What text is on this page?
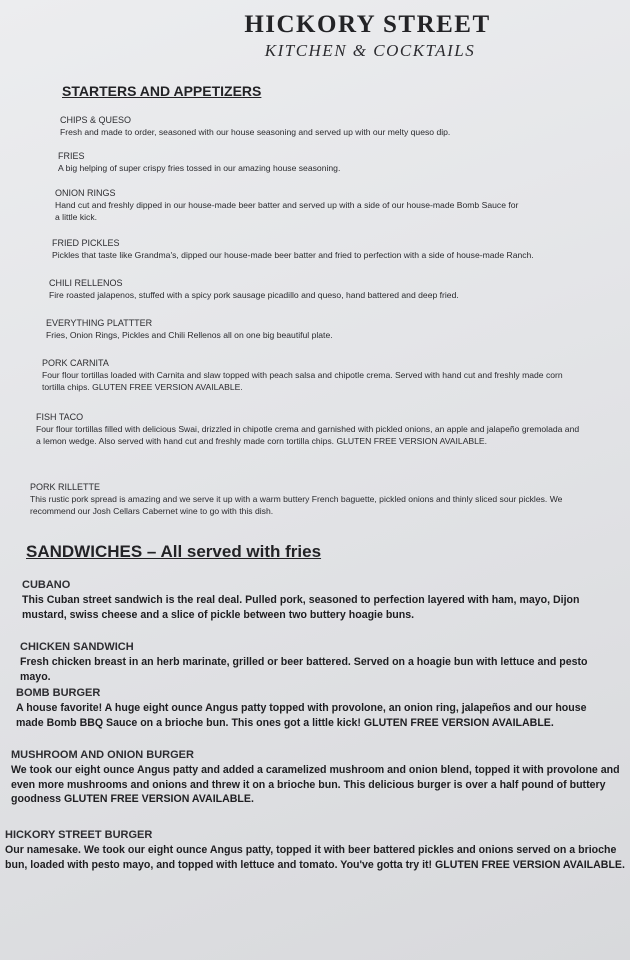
HICKORY STREET
KITCHEN & COCKTAILS
STARTERS AND APPETIZERS
CHIPS & QUESO
Fresh and made to order, seasoned with our house seasoning and served up with our melty queso dip.
FRIES
A big helping of super crispy fries tossed in our amazing house seasoning.
ONION RINGS
Hand cut and freshly dipped in our house-made beer batter and served up with a side of our house-made Bomb Sauce for a little kick.
FRIED PICKLES
Pickles that taste like Grandma's, dipped our house-made beer batter and fried to perfection with a side of house-made Ranch.
CHILI RELLENOS
Fire roasted jalapenos, stuffed with a spicy pork sausage picadillo and queso, hand battered and deep fried.
EVERYTHING PLATTTER
Fries, Onion Rings, Pickles and Chili Rellenos all on one big beautiful plate.
PORK CARNITA
Four flour tortillas loaded with Carnita and slaw topped with peach salsa and chipotle crema. Served with hand cut and freshly made corn tortilla chips. GLUTEN FREE VERSION AVAILABLE.
FISH TACO
Four flour tortillas filled with delicious Swai, drizzled in chipotle crema and garnished with pickled onions, an apple and jalapeño gremolada and a lemon wedge. Also served with hand cut and freshly made corn tortilla chips. GLUTEN FREE VERSION AVAILABLE.
PORK RILLETTE
This rustic pork spread is amazing and we serve it up with a warm buttery French baguette, pickled onions and thinly sliced sour pickles. We recommend our Josh Cellars Cabernet wine to go with this dish.
SANDWICHES – All served with fries
CUBANO
This Cuban street sandwich is the real deal. Pulled pork, seasoned to perfection layered with ham, mayo, Dijon mustard, swiss cheese and a slice of pickle between two buttery hoagie buns.
CHICKEN SANDWICH
Fresh chicken breast in an herb marinate, grilled or beer battered. Served on a hoagie bun with lettuce and pesto mayo.
BOMB BURGER
A house favorite! A huge eight ounce Angus patty topped with provolone, an onion ring, jalapeños and our house made Bomb BBQ Sauce on a brioche bun. This ones got a little kick! GLUTEN FREE VERSION AVAILABLE.
MUSHROOM AND ONION BURGER
We took our eight ounce Angus patty and added a caramelized mushroom and onion blend, topped it with provolone and even more mushrooms and onions and threw it on a brioche bun. This delicious burger is over a half pound of buttery goodness GLUTEN FREE VERSION AVAILABLE.
HICKORY STREET BURGER
Our namesake. We took our eight ounce Angus patty, topped it with beer battered pickles and onions served on a brioche bun, loaded with pesto mayo, and topped with lettuce and tomato. You've gotta try it! GLUTEN FREE VERSION AVAILABLE.
